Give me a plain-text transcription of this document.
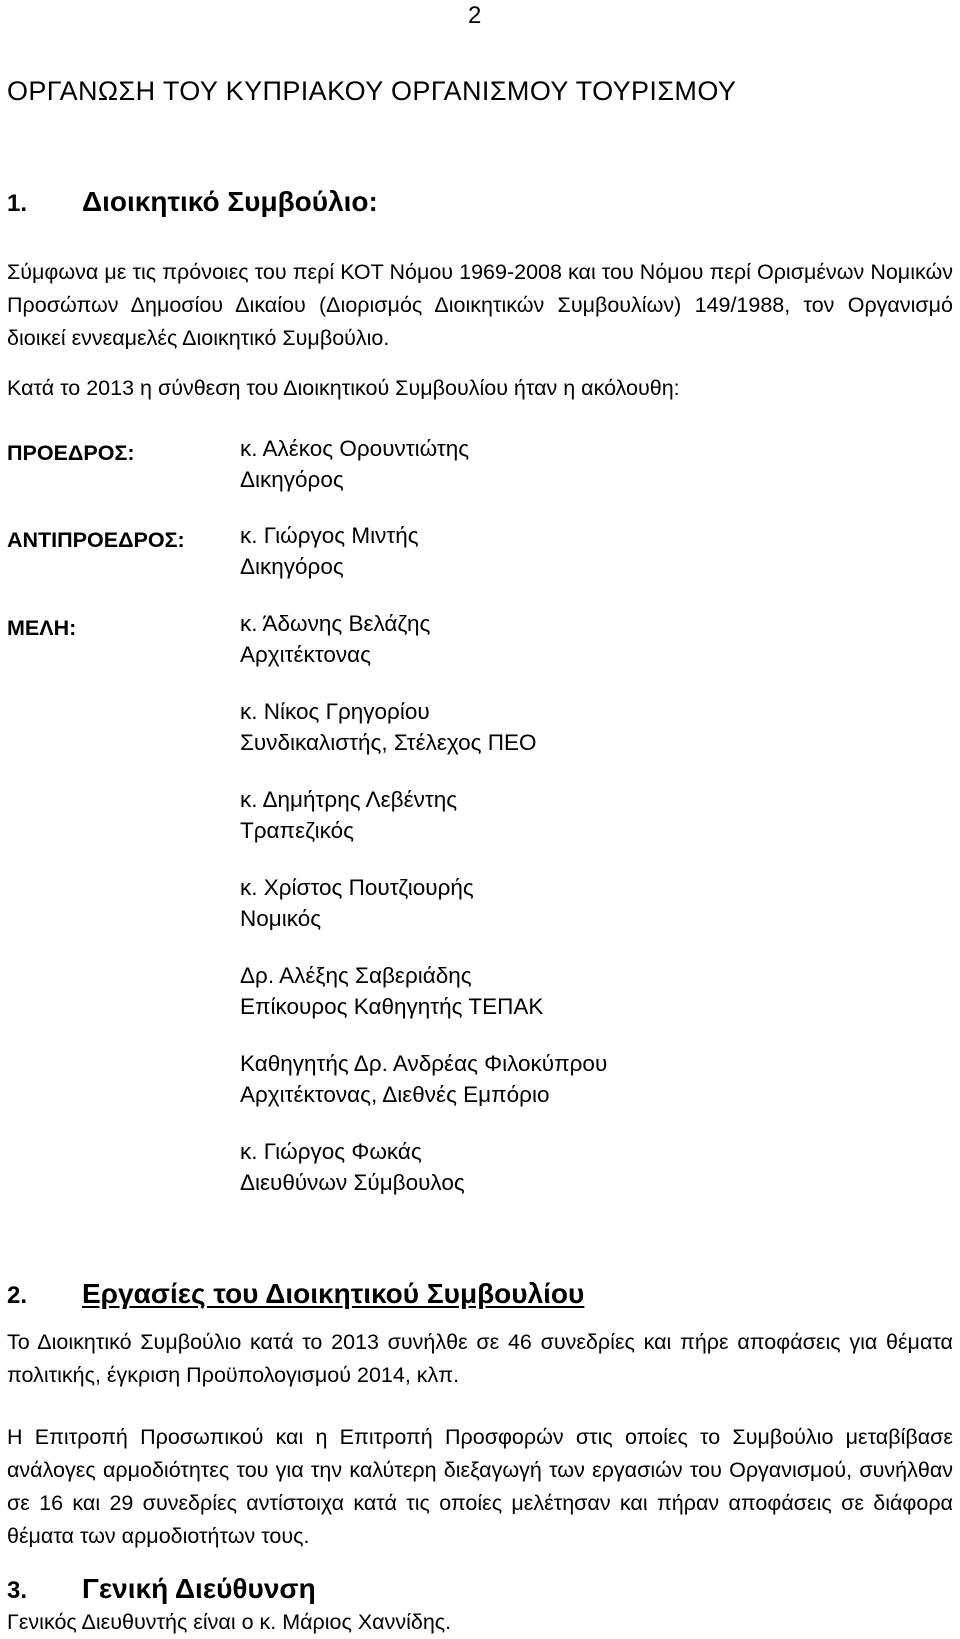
2
ΟΡΓΑΝΩΣΗ ΤΟΥ ΚΥΠΡΙΑΚΟΥ ΟΡΓΑΝΙΣΜΟΥ ΤΟΥΡΙΣΜΟΥ
1. Διοικητικό Συμβούλιο:

Σύμφωνα με τις πρόνοιες του περί ΚΟΤ Νόμου 1969-2008 και του Νόμου περί Ορισμένων Νομικών Προσώπων Δημοσίου Δικαίου (Διορισμός Διοικητικών Συμβουλίων) 149/1988, τον Οργανισμό διοικεί εννεαμελές Διοικητικό Συμβούλιο.

Κατά το 2013 η σύνθεση του Διοικητικού Συμβουλίου ήταν η ακόλουθη:

ΠΡΟΕΔΡΟΣ:	κ. Αλέκος Ορουντιώτης
Δικηγόρος
ΑΝΤΙΠΡΟΕΔΡΟΣ: κ. Γιώργος Μιντής
Δικηγόρος
ΜΕΛΗ:	κ. Άδωνης Βελάζης
Αρχιτέκτονας
κ. Νίκος Γρηγορίου
Συνδικαλιστής, Στέλεχος ΠΕΟ
κ. Δημήτρης Λεβέντης
Τραπεζικός
κ. Χρίστος Πουτζιουρής
Νομικός
Δρ. Αλέξης Σαβεριάδης
Επίκουρος Καθηγητής ΤΕΠΑΚ
Καθηγητής Δρ. Ανδρέας Φιλοκύπρου
Αρχιτέκτονας, Διεθνές Εμπόριο
κ. Γιώργος Φωκάς
Διευθύνων Σύμβουλος
2. Εργασίες του Διοικητικού Συμβουλίου

Το Διοικητικό Συμβούλιο κατά το 2013 συνήλθε σε 46 συνεδρίες και πήρε αποφάσεις για θέματα πολιτικής, έγκριση Προϋπολογισμού 2014, κλπ.

Η Επιτροπή Προσωπικού και η Επιτροπή Προσφορών στις οποίες το Συμβούλιο μεταβίβασε ανάλογες αρμοδιότητες του για την καλύτερη διεξαγωγή των εργασιών του Οργανισμού, συνήλθαν σε 16 και 29 συνεδρίες αντίστοιχα κατά τις οποίες μελέτησαν και πήραν αποφάσεις σε διάφορα θέματα των αρμοδιοτήτων τους.

3. Γενική Διεύθυνση

Γενικός Διευθυντής είναι ο κ. Μάριος Χαννίδης.
